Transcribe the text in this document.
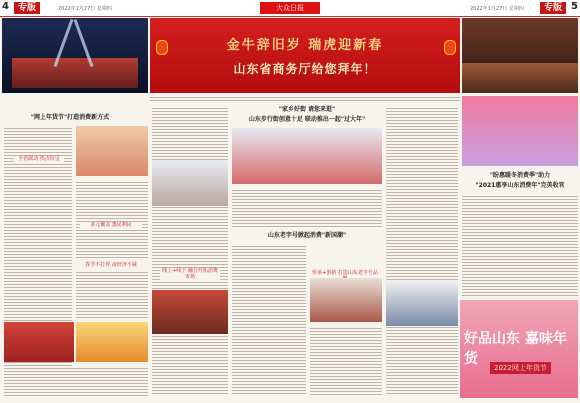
4	专版	2022年1月27日 星期四	大众日报	2022年1月27日 星期四	专版 5
金牛辞旧岁 瑞虎迎新春
山东省商务厅给您拜年！
"网上年货节"打造消费新方式
全省联动 热点纷呈
多元覆盖 惠民利民
春节不打烊 夜经济不减
线上+线下 融合开拓消费市场
"家乡好街 请您来逛"
山东步行街创意十足 联动推出一起"过大年"
山东老字号掀起消费"新国潮"
传承+创新 打造山东老字号品
"盼惠暖冬消费季"助力
"2021惠享山东消费年"完美收官
好品山东 嘉味年货
2022网上年货节
